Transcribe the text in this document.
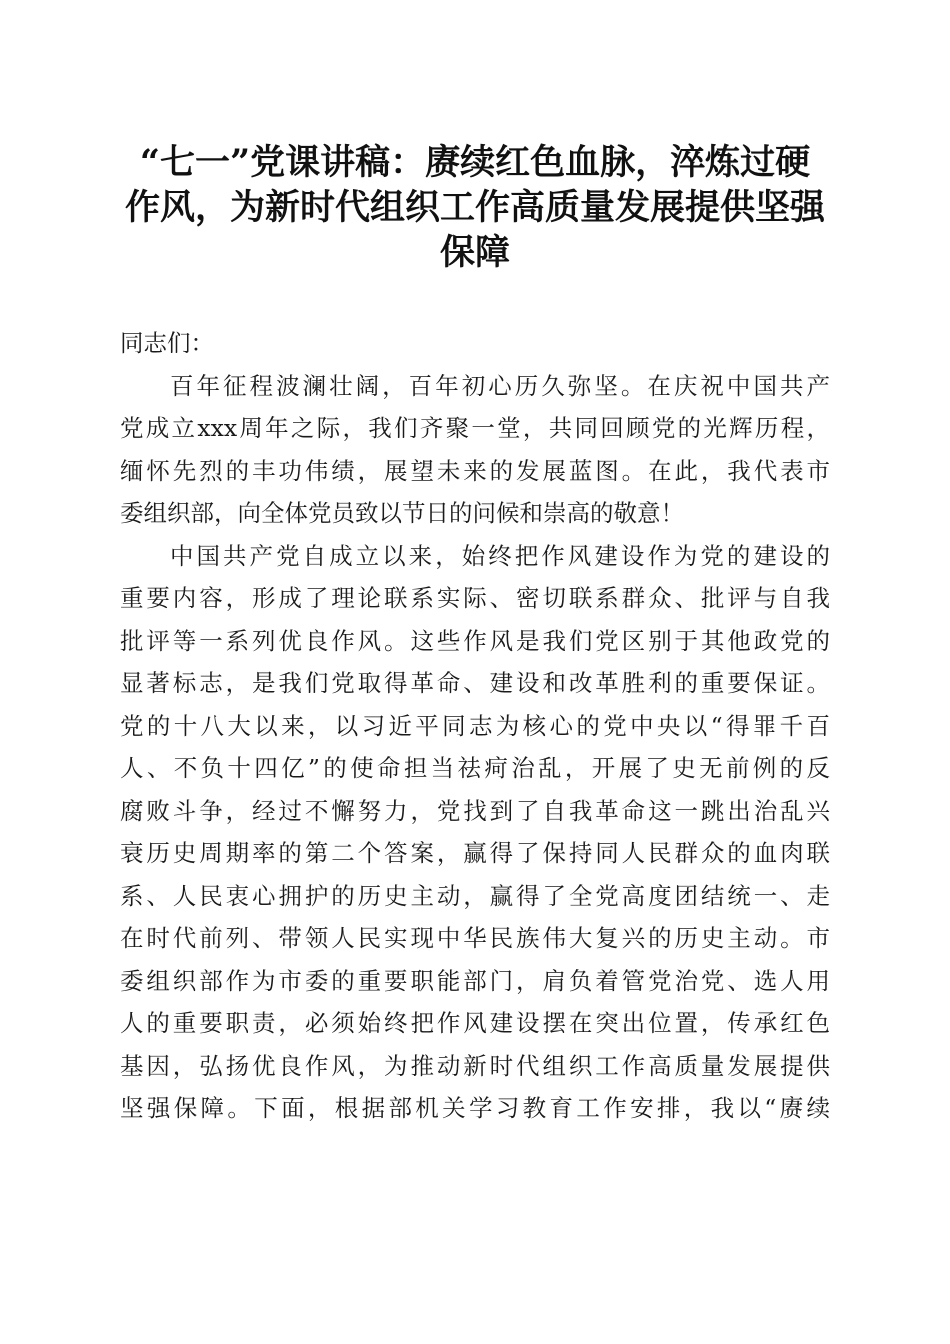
“七一”党课讲稿：赓续红色血脉，淬炼过硬
作风，为新时代组织工作高质量发展提供坚强
保障
同志们：
百年征程波澜壮阔，百年初心历久弥坚。在庆祝中国共产
党成立xxx周年之际，我们齐聚一堂，共同回顾党的光辉历程，
缅怀先烈的丰功伟绩，展望未来的发展蓝图。在此，我代表市
委组织部，向全体党员致以节日的问候和崇高的敬意！
中国共产党自成立以来，始终把作风建设作为党的建设的
重要内容，形成了理论联系实际、密切联系群众、批评与自我
批评等一系列优良作风。这些作风是我们党区别于其他政党的
显著标志，是我们党取得革命、建设和改革胜利的重要保证。
党的十八大以来，以习近平同志为核心的党中央以“得罪千百
人、不负十四亿”的使命担当祛疴治乱，开展了史无前例的反
腐败斗争，经过不懈努力，党找到了自我革命这一跳出治乱兴
衰历史周期率的第二个答案，赢得了保持同人民群众的血肉联
系、人民衷心拥护的历史主动，赢得了全党高度团结统一、走
在时代前列、带领人民实现中华民族伟大复兴的历史主动。市
委组织部作为市委的重要职能部门，肩负着管党治党、选人用
人的重要职责，必须始终把作风建设摆在突出位置，传承红色
基因，弘扬优良作风，为推动新时代组织工作高质量发展提供
坚强保障。下面，根据部机关学习教育工作安排，我以“赓续
